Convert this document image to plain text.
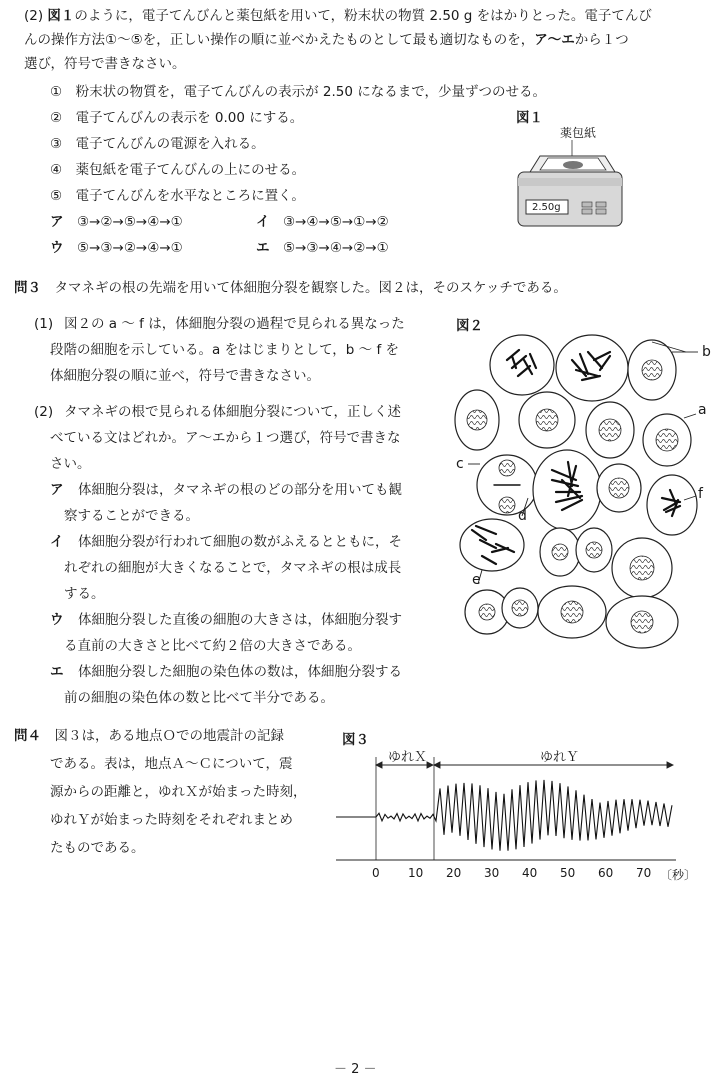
(2) 図１のように，電子てんびんと薬包紙を用いて，粉末状の物質 2.50 g をはかりとった。電子てんび
んの操作方法①〜⑤を，正しい操作の順に並べかえたものとして最も適切なものを，ア〜エから１つ
選び，符号で書きなさい。
①　 粉末状の物質を，電子てんびんの表示が 2.50 になるまで，少量ずつのせる。
②　 電子てんびんの表示を 0.00 にする。
③　 電子てんびんの電源を入れる。
④　 薬包紙を電子てんびんの上にのせる。
⑤　 電子てんびんを水平なところに置く。
ア　 ③→②→⑤→④→①	イ　 ③→④→⑤→①→②
ウ　 ⑤→③→②→④→①	エ　 ⑤→③→④→②→①
図１
薬包紙
2.50g
問３　 タマネギの根の先端を用いて体細胞分裂を観察した。図２は，そのスケッチである。
(1) 図２の a 〜 f は，体細胞分裂の過程で見られる異なった
段階の細胞を示している。a をはじまりとして，b 〜 f を
体細胞分裂の順に並べ，符号で書きなさい。
(2) タマネギの根で見られる体細胞分裂について，正しく述
べている文はどれか。ア〜エから１つ選び，符号で書きな
さい。
ア 体細胞分裂は，タマネギの根のどの部分を用いても観
察することができる。
イ 体細胞分裂が行われて細胞の数がふえるとともに，そ
れぞれの細胞が大きくなることで，タマネギの根は成長
する。
ウ 体細胞分裂した直後の細胞の大きさは，体細胞分裂す
る直前の大きさと比べて約２倍の大きさである。
エ 体細胞分裂した細胞の染色体の数は，体細胞分裂する
前の細胞の染色体の数と比べて半分である。
図２
b
a
c
f
d
e
問４　 図３は，ある地点Ｏでの地震計の記録
である。表は，地点Ａ〜Ｃについて，震
源からの距離と，ゆれＸが始まった時刻，
ゆれＹが始まった時刻をそれぞれまとめ
たものである。
図３
ゆれＸ	ゆれＹ
0 10 20 30 40 50 60 70 〔秒〕
－ 2 －
